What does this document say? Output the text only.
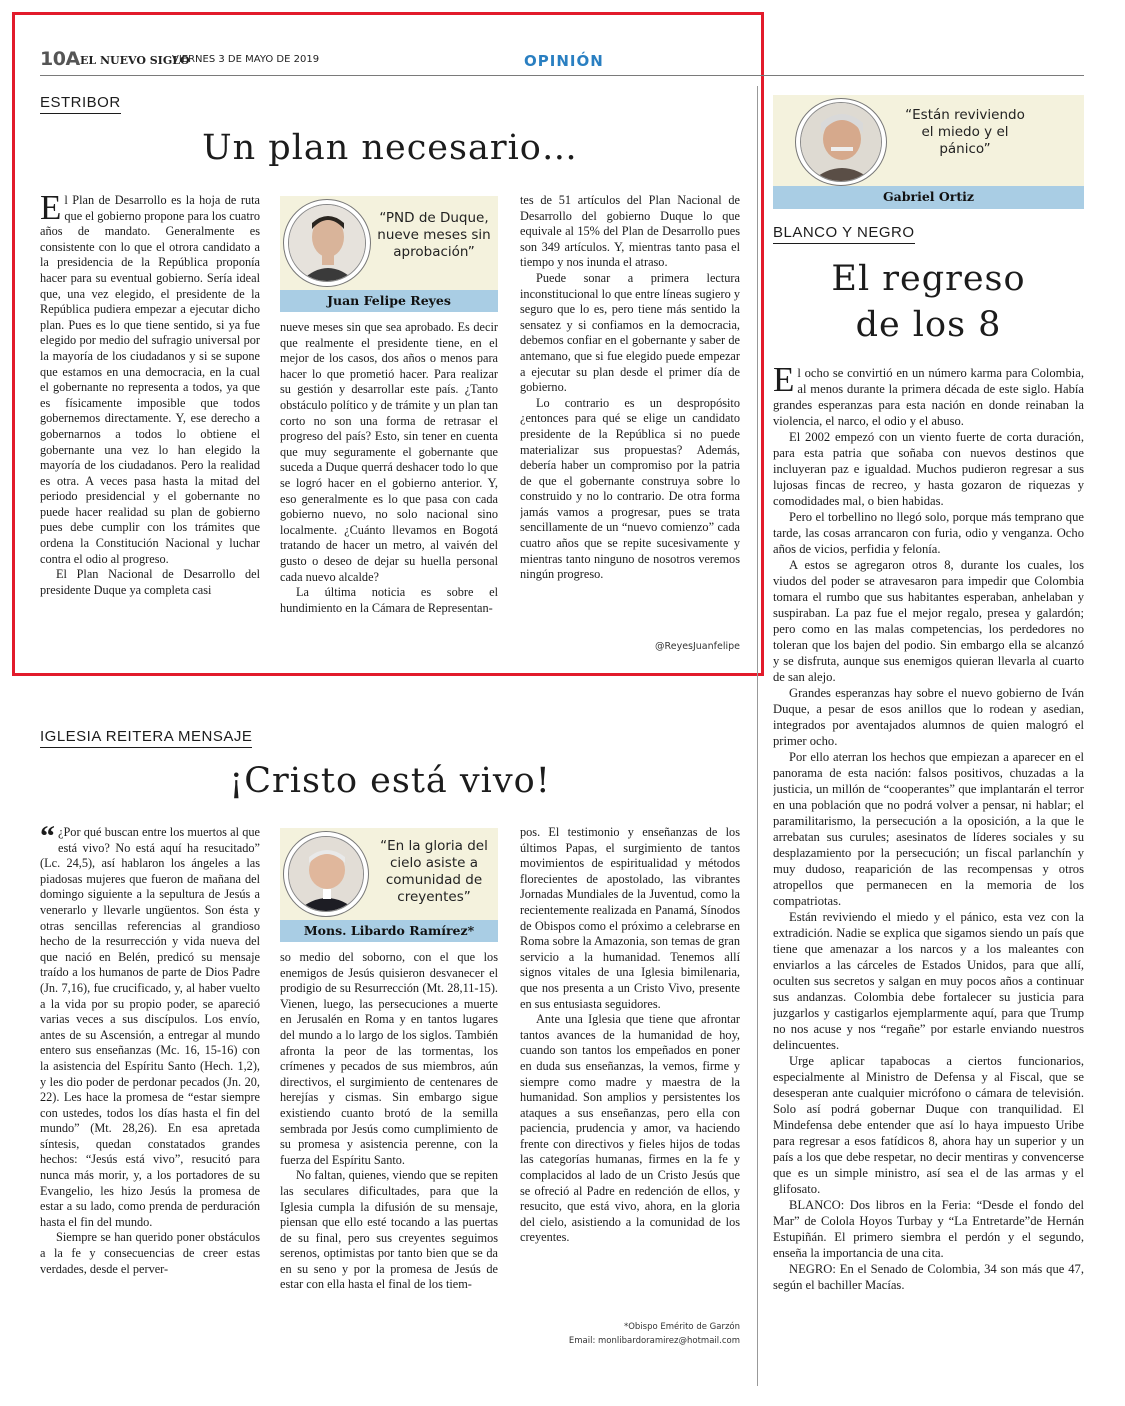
10A EL NUEVO SIGLO
VIERNES 3 DE MAYO DE 2019	OPINIÓN
ESTRIBOR
Un plan necesario…

El Plan de Desarrollo es la hoja de ruta que el gobierno propone para los cuatro años de mandato. Generalmente es consistente con lo que el otrora candidato a la presidencia de la República proponía hacer para su eventual gobierno. Sería ideal que, una vez elegido, el presidente de la República pudiera empezar a ejecutar dicho plan. Pues es lo que tiene sentido, si ya fue elegido por medio del sufragio universal por la mayoría de los ciudadanos y si se supone que estamos en una democracia, en la cual el gobernante no representa a todos, ya que es físicamente imposible que todos gobernemos directamente. Y, ese derecho a gobernarnos a todos lo obtiene el gobernante una vez lo han elegido la mayoría de los ciudadanos. Pero la realidad es otra. A veces pasa hasta la mitad del periodo presidencial y el gobernante no puede hacer realidad su plan de gobierno pues debe cumplir con los trámites que ordena la Constitución Nacional y luchar contra el odio al progreso.

El Plan Nacional de Desarrollo del presidente Duque ya completa casi

“PND de Duque, nueve meses sin aprobación”
Juan Felipe Reyes

nueve meses sin que sea aprobado. Es decir que realmente el presidente tiene, en el mejor de los casos, dos años o menos para hacer lo que prometió hacer. Para realizar su gestión y desarrollar este país. ¿Tanto obstáculo político y de trámite y un plan tan corto no son una forma de retrasar el progreso del país? Esto, sin tener en cuenta que muy seguramente el gobernante que suceda a Duque querrá deshacer todo lo que se logró hacer en el gobierno anterior. Y, eso generalmente es lo que pasa con cada gobierno nuevo, no solo nacional sino localmente. ¿Cuánto llevamos en Bogotá tratando de hacer un metro, al vaivén del gusto o deseo de dejar su huella personal cada nuevo alcalde?

La última noticia es sobre el hundimiento en la Cámara de Representan-

tes de 51 artículos del Plan Nacional de Desarrollo del gobierno Duque lo que equivale al 15% del Plan de Desarrollo pues son 349 artículos. Y, mientras tanto pasa el tiempo y nos inunda el atraso.

Puede sonar a primera lectura inconstitucional lo que entre líneas sugiero y seguro que lo es, pero tiene más sentido la sensatez y si confiamos en la democracia, debemos confiar en el gobernante y saber de antemano, que si fue elegido puede empezar a ejecutar su plan desde el primer día de gobierno.

Lo contrario es un despropósito ¿entonces para qué se elige un candidato presidente de la República si no puede materializar sus propuestas? Además, debería haber un compromiso por la patria de que el gobernante construya sobre lo construido y no lo contrario. De otra forma jamás vamos a progresar, pues se trata sencillamente de un “nuevo comienzo” cada cuatro años que se repite sucesivamente y mientras tanto ninguno de nosotros veremos ningún progreso.

@ReyesJuanfelipe
IGLESIA REITERA MENSAJE
¡Cristo está vivo!

“ ¿Por qué buscan entre los muertos al que está vivo? No está aquí ha resucitado” (Lc. 24,5), así hablaron los ángeles a las piadosas mujeres que fueron de mañana del domingo siguiente a la sepultura de Jesús a venerarlo y llevarle ungüentos. Son ésta y otras sencillas referencias al grandioso hecho de la resurrección y vida nueva del que nació en Belén, predicó su mensaje traído a los humanos de parte de Dios Padre (Jn. 7,16), fue crucificado, y, al haber vuelto a la vida por su propio poder, se apareció varias veces a sus discípulos. Los envío, antes de su Ascensión, a entregar al mundo entero sus enseñanzas (Mc. 16, 15-16) con la asistencia del Espíritu Santo (Hech. 1,2), y les dio poder de perdonar pecados (Jn. 20, 22). Les hace la promesa de “estar siempre con ustedes, todos los días hasta el fin del mundo” (Mt. 28,26). En esa apretada síntesis, quedan constatados grandes hechos: “Jesús está vivo”, resucitó para nunca más morir, y, a los portadores de su Evangelio, les hizo Jesús la promesa de estar a su lado, como prenda de perduración hasta el fin del mundo.

Siempre se han querido poner obstáculos a la fe y consecuencias de creer estas verdades, desde el perver-

“En la gloria del cielo asiste a comunidad de creyentes”
Mons. Libardo Ramírez*

so medio del soborno, con el que los enemigos de Jesús quisieron desvanecer el prodigio de su Resurrección (Mt. 28,11-15). Vienen, luego, las persecuciones a muerte en Jerusalén en Roma y en tantos lugares del mundo a lo largo de los siglos. También afronta la peor de las tormentas, los crímenes y pecados de sus miembros, aún directivos, el surgimiento de centenares de herejías y cismas. Sin embargo sigue existiendo cuanto brotó de la semilla sembrada por Jesús como cumplimiento de su promesa y asistencia perenne, con la fuerza del Espíritu Santo.

No faltan, quienes, viendo que se repiten las seculares dificultades, para que la Iglesia cumpla la difusión de su mensaje, piensan que ello esté tocando a las puertas de su final, pero sus creyentes seguimos serenos, optimistas por tanto bien que se da en su seno y por la promesa de Jesús de estar con ella hasta el final de los tiem-

pos. El testimonio y enseñanzas de los últimos Papas, el surgimiento de tantos movimientos de espiritualidad y métodos florecientes de apostolado, las vibrantes Jornadas Mundiales de la Juventud, como la recientemente realizada en Panamá, Sínodos de Obispos como el próximo a celebrarse en Roma sobre la Amazonia, son temas de gran servicio a la humanidad. Tenemos allí signos vitales de una Iglesia bimilenaria, que nos presenta a un Cristo Vivo, presente en sus entusiasta seguidores.

Ante una Iglesia que tiene que afrontar tantos avances de la humanidad de hoy, cuando son tantos los empeñados en poner en duda sus enseñanzas, la vemos, firme y siempre como madre y maestra de la humanidad. Son amplios y persistentes los ataques a sus enseñanzas, pero ella con paciencia, prudencia y amor, va haciendo frente con directivos y fieles hijos de todas las categorías humanas, firmes en la fe y complacidos al lado de un Cristo Jesús que se ofreció al Padre en redención de ellos, y resucito, que está vivo, ahora, en la gloria del cielo, asistiendo a la comunidad de los creyentes.

*Obispo Emérito de Garzón
Email: monlibardoramirez@hotmail.com
“Están reviviendo el miedo y el pánico”
Gabriel Ortiz
BLANCO Y NEGRO
El regreso
de los 8

El ocho se convirtió en un número karma para Colombia, al menos durante la primera década de este siglo. Había grandes esperanzas para esta nación en donde reinaban la violencia, el narco, el odio y el abuso.

El 2002 empezó con un viento fuerte de corta duración, para esta patria que soñaba con nuevos destinos que incluyeran paz e igualdad. Muchos pudieron regresar a sus lujosas fincas de recreo, y hasta gozaron de riquezas y comodidades mal, o bien habidas.

Pero el torbellino no llegó solo, porque más temprano que tarde, las cosas arrancaron con furia, odio y venganza. Ocho años de vicios, perfidia y felonía.

A estos se agregaron otros 8, durante los cuales, los viudos del poder se atravesaron para impedir que Colombia tomara el rumbo que sus habitantes esperaban, anhelaban y suspiraban. La paz fue el mejor regalo, presea y galardón; pero como en las malas competencias, los perdedores no toleran que los bajen del podio. Sin embargo ella se alcanzó y se disfruta, aunque sus enemigos quieran llevarla al cuarto de san alejo.

Grandes esperanzas hay sobre el nuevo gobierno de Iván Duque, a pesar de esos anillos que lo rodean y asedian, integrados por aventajados alumnos de quien malogró el primer ocho.

Por ello aterran los hechos que empiezan a aparecer en el panorama de esta nación: falsos positivos, chuzadas a la justicia, un millón de “cooperantes” que implantarán el terror en una población que no podrá volver a pensar, ni hablar; el paramilitarismo, la persecución a la oposición, a la que le arrebatan sus curules; asesinatos de líderes sociales y su desplazamiento por la persecución; un fiscal parlanchín y muy dudoso, reaparición de las recompensas y otros atropellos que permanecen en la memoria de los compatriotas.

Están reviviendo el miedo y el pánico, esta vez con la extradición. Nadie se explica que sigamos siendo un país que tiene que amenazar a los narcos y a los maleantes con enviarlos a las cárceles de Estados Unidos, para que allí, oculten sus secretos y salgan en muy pocos años a continuar sus andanzas. Colombia debe fortalecer su justicia para juzgarlos y castigarlos ejemplarmente aquí, para que Trump no nos acuse y nos “regañe” por estarle enviando nuestros delincuentes.

Urge aplicar tapabocas a ciertos funcionarios, especialmente al Ministro de Defensa y al Fiscal, que se desesperan ante cualquier micrófono o cámara de televisión. Solo así podrá gobernar Duque con tranquilidad. El Mindefensa debe entender que así lo haya impuesto Uribe para regresar a esos fatídicos 8, ahora hay un superior y un país a los que debe respetar, no decir mentiras y convencerse que es un simple ministro, así sea el de las armas y el glifosato.

BLANCO: Dos libros en la Feria: “Desde el fondo del Mar” de Colola Hoyos Turbay y “La Entretarde”de Hernán Estupiñán. El primero siembra el perdón y el segundo, enseña la importancia de una cita.

NEGRO: En el Senado de Colombia, 34 son más que 47, según el bachiller Macías.
